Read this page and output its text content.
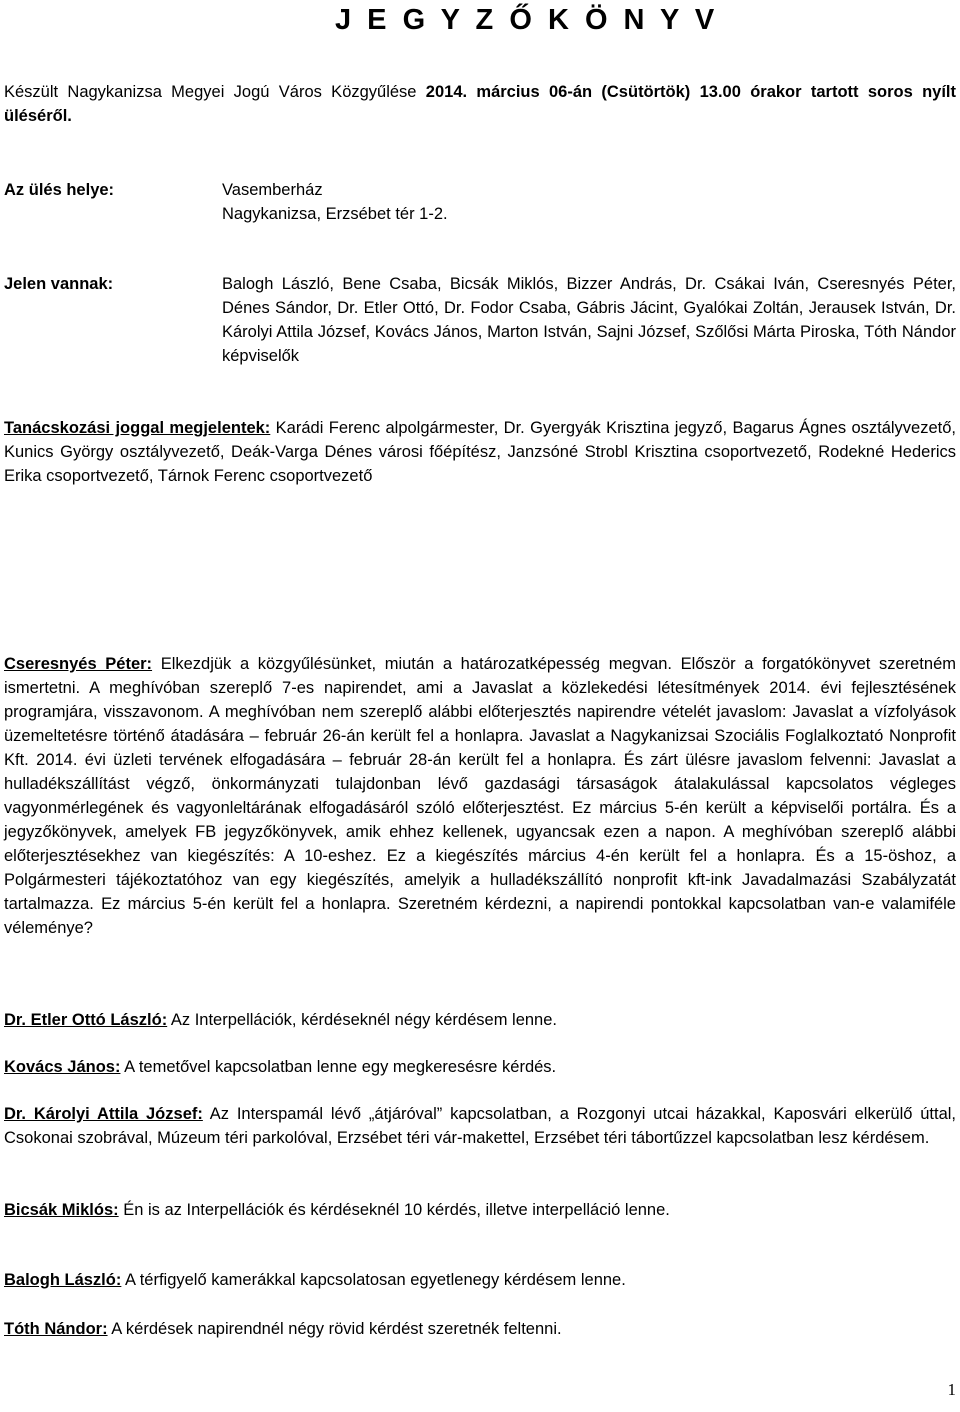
J E G Y Z Ő K Ö N Y V

Készült Nagykanizsa Megyei Jogú Város Közgyűlése 2014. március 06-án (Csütörtök) 13.00 órakor tartott soros nyílt üléséről.

Az ülés helye:	Vasemberház
Nagykanizsa, Erzsébet tér 1-2.

Jelen vannak:	Balogh László, Bene Csaba, Bicsák Miklós, Bizzer András, Dr. Csákai Iván, Cseresnyés Péter, Dénes Sándor, Dr. Etler Ottó, Dr. Fodor Csaba, Gábris Jácint, Gyalókai Zoltán, Jerausek István, Dr. Károlyi Attila József, Kovács János, Marton István, Sajni József, Szőlősi Márta Piroska, Tóth Nándor képviselők

Tanácskozási joggal megjelentek: Karádi Ferenc alpolgármester, Dr. Gyergyák Krisztina jegyző, Bagarus Ágnes osztályvezető, Kunics György osztályvezető, Deák-Varga Dénes városi főépítész, Janzsóné Strobl Krisztina csoportvezető, Rodekné Hederics Erika csoportvezető, Tárnok Ferenc csoportvezető

Cseresnyés Péter: Elkezdjük a közgyűlésünket, miután a határozatképesség megvan. Először a forgatókönyvet szeretném ismertetni. A meghívóban szereplő 7-es napirendet, ami a Javaslat a közlekedési létesítmények 2014. évi fejlesztésének programjára, visszavonom. A meghívóban nem szereplő alábbi előterjesztés napirendre vételét javaslom: Javaslat a vízfolyások üzemeltetésre történő átadására – február 26-án került fel a honlapra. Javaslat a Nagykanizsai Szociális Foglalkoztató Nonprofit Kft. 2014. évi üzleti tervének elfogadására – február 28-án került fel a honlapra. És zárt ülésre javaslom felvenni: Javaslat a hulladékszállítást végző, önkormányzati tulajdonban lévő gazdasági társaságok átalakulással kapcsolatos végleges vagyonmérlegének és vagyonleltárának elfogadásáról szóló előterjesztést. Ez március 5-én került a képviselői portálra. És a jegyzőkönyvek, amelyek FB jegyzőkönyvek, amik ehhez kellenek, ugyancsak ezen a napon. A meghívóban szereplő alábbi előterjesztésekhez van kiegészítés: A 10-eshez. Ez a kiegészítés március 4-én került fel a honlapra. És a 15-öshoz, a Polgármesteri tájékoztatóhoz van egy kiegészítés, amelyik a hulladékszállító nonprofit kft-ink Javadalmazási Szabályzatát tartalmazza. Ez március 5-én került fel a honlapra. Szeretném kérdezni, a napirendi pontokkal kapcsolatban van-e valamiféle véleménye?

Dr. Etler Ottó László: Az Interpellációk, kérdéseknél négy kérdésem lenne.

Kovács János: A temetővel kapcsolatban lenne egy megkeresésre kérdés.

Dr. Károlyi Attila József: Az Interspamál lévő „átjáróval” kapcsolatban, a Rozgonyi utcai házakkal, Kaposvári elkerülő úttal, Csokonai szobrával, Múzeum téri parkolóval, Erzsébet téri vár-makettel, Erzsébet téri tábortűzzel kapcsolatban lesz kérdésem.

Bicsák Miklós: Én is az Interpellációk és kérdéseknél 10 kérdés, illetve interpelláció lenne.

Balogh László: A térfigyelő kamerákkal kapcsolatosan egyetlenegy kérdésem lenne.

Tóth Nándor: A kérdések napirendnél négy rövid kérdést szeretnék feltenni.

1
